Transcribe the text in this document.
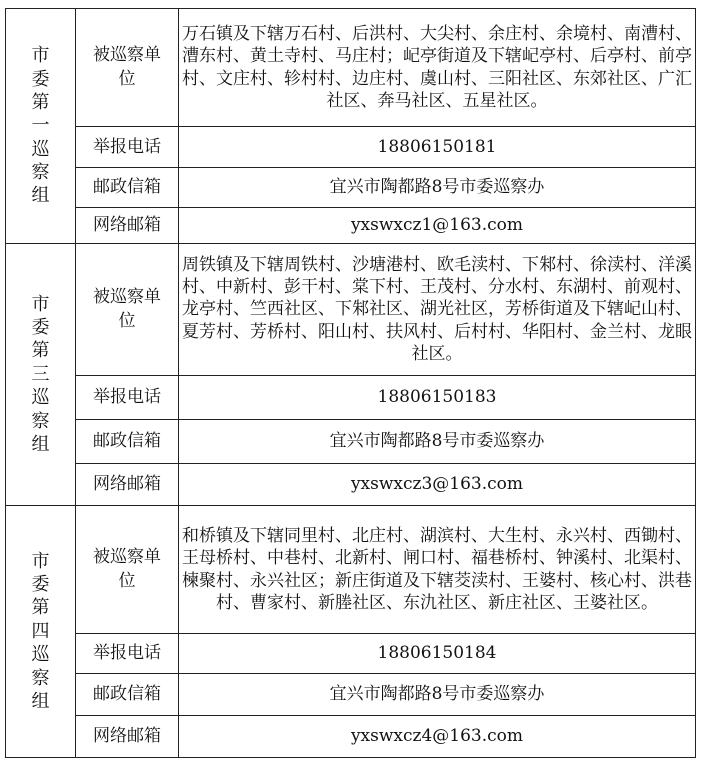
市委第一巡察组	被巡察单位	万石镇及下辖万石村、后洪村、大尖村、余庄村、余境村、南漕村、漕东村、黄土寺村、马庄村；屺亭街道及下辖屺亭村、后亭村、前亭村、文庄村、轸村村、边庄村、虞山村、三阳社区、东郊社区、广汇社区、奔马社区、五星社区。
	举报电话	18806150181
	邮政信箱	宜兴市陶都路8号市委巡察办
	网络邮箱	yxswxcz1@163.com

市委第三巡察组	被巡察单位	周铁镇及下辖周铁村、沙塘港村、欧毛渎村、下邾村、徐渎村、洋溪村、中新村、彭干村、棠下村、王茂村、分水村、东湖村、前观村、龙亭村、竺西社区、下邾社区、湖光社区，芳桥街道及下辖屺山村、夏芳村、芳桥村、阳山村、扶风村、后村村、华阳村、金兰村、龙眼社区。
	举报电话	18806150183
	邮政信箱	宜兴市陶都路8号市委巡察办
	网络邮箱	yxswxcz3@163.com

市委第四巡察组	被巡察单位	和桥镇及下辖同里村、北庄村、湖滨村、大生村、永兴村、西锄村、王母桥村、中巷村、北新村、闸口村、福巷桥村、钟溪村、北渠村、楝聚村、永兴社区；新庄街道及下辖茭渎村、王婆村、核心村、洪巷村、曹家村、新塍社区、东氿社区、新庄社区、王婆社区。
	举报电话	18806150184
	邮政信箱	宜兴市陶都路8号市委巡察办
	网络邮箱	yxswxcz4@163.com
